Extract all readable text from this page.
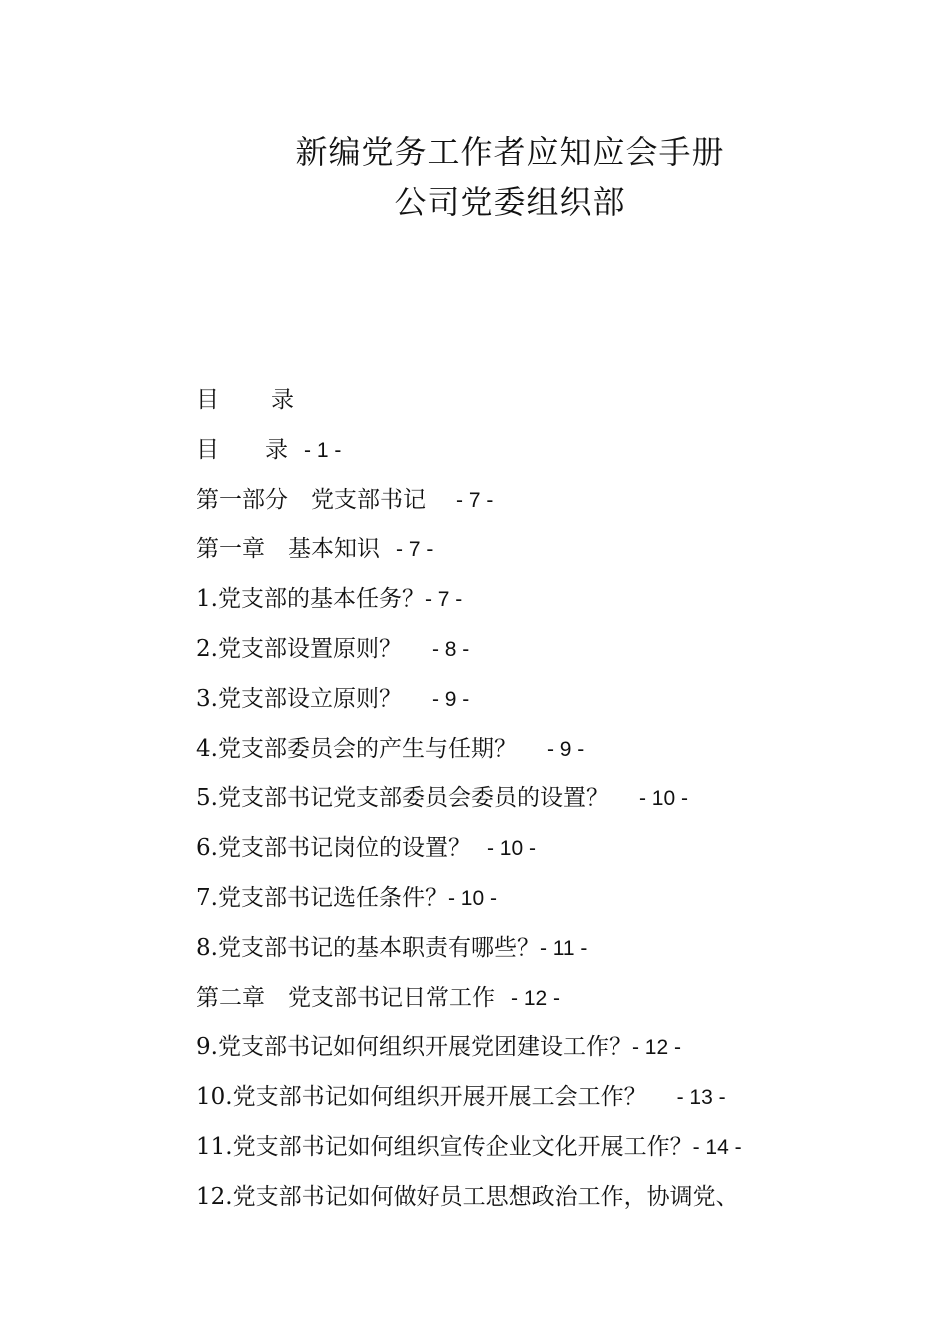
新编党务工作者应知应会手册
公司党委组织部
目 录
目　　录 - 1 -
第一部分　党支部书记 - 7 -
第一章　基本知识 - 7 -
1.党支部的基本任务？- 7 -
2.党支部设置原则？ - 8 -
3.党支部设立原则？ - 9 -
4.党支部委员会的产生与任期？ - 9 -
5.党支部书记党支部委员会委员的设置？ - 10 -
6.党支部书记岗位的设置？ - 10 -
7.党支部书记选任条件？- 10 -
8.党支部书记的基本职责有哪些？- 11 -
第二章　党支部书记日常工作 - 12 -
9.党支部书记如何组织开展党团建设工作？- 12 -
10.党支部书记如何组织开展开展工会工作？ - 13 -
11.党支部书记如何组织宣传企业文化开展工作？- 14 -
12.党支部书记如何做好员工思想政治工作，协调党、
